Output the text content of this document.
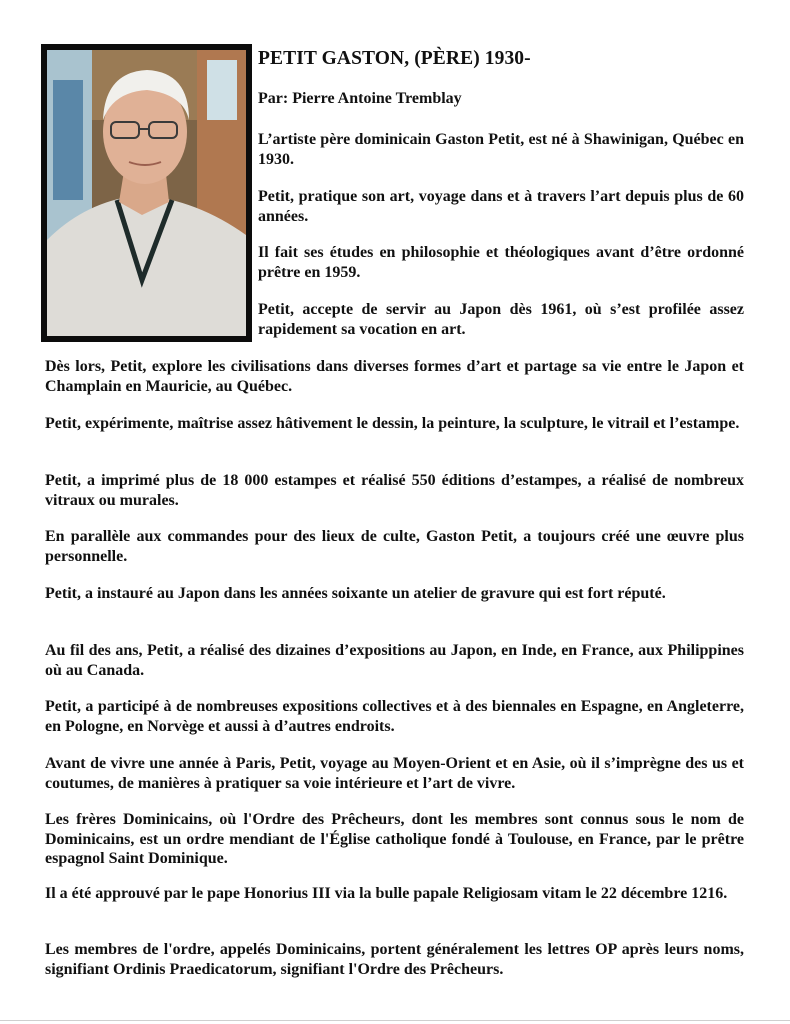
PETIT GASTON, (PÈRE) 1930-
Par: Pierre Antoine Tremblay

L’artiste père dominicain Gaston Petit, est né à Shawinigan, Québec en 1930.

Petit, pratique son art, voyage dans et à travers l’art depuis plus de 60 années.

Il fait ses études en philosophie et théologiques avant d’être ordonné prêtre en 1959.

Petit, accepte de servir au Japon dès 1961, où s’est profilée assez rapidement sa vocation en art.

Dès lors, Petit, explore les civilisations dans diverses formes d’art et partage sa vie entre le Japon et Champlain en Mauricie, au Québec.

Petit, expérimente, maîtrise assez hâtivement le dessin, la peinture, la sculpture, le vitrail et l’estampe.

Petit, a imprimé plus de 18 000 estampes et réalisé 550 éditions d’estampes, a réalisé de nombreux vitraux ou murales.

En parallèle aux commandes pour des lieux de culte, Gaston Petit, a toujours créé une œuvre plus personnelle.

Petit, a instauré au Japon dans les années soixante un atelier de gravure qui est fort réputé.

Au fil des ans, Petit, a réalisé des dizaines d’expositions au Japon, en Inde, en France, aux Philippines où au Canada.

Petit, a participé à de nombreuses expositions collectives et à des biennales en Espagne, en Angleterre, en Pologne, en Norvège et aussi à d’autres endroits.

Avant de vivre une année à Paris, Petit, voyage au Moyen-Orient et en Asie, où il s’imprègne des us et coutumes, de manières à pratiquer sa voie intérieure et l’art de vivre.

Les frères Dominicains, où l'Ordre des Prêcheurs, dont les membres sont connus sous le nom de Dominicains, est un ordre mendiant de l'Église catholique fondé à Toulouse, en France, par le prêtre espagnol Saint Dominique.

Il a été approuvé par le pape Honorius III via la bulle papale Religiosam vitam le 22 décembre 1216.

Les membres de l'ordre, appelés Dominicains, portent généralement les lettres OP après leurs noms, signifiant Ordinis Praedicatorum, signifiant l'Ordre des Prêcheurs.
